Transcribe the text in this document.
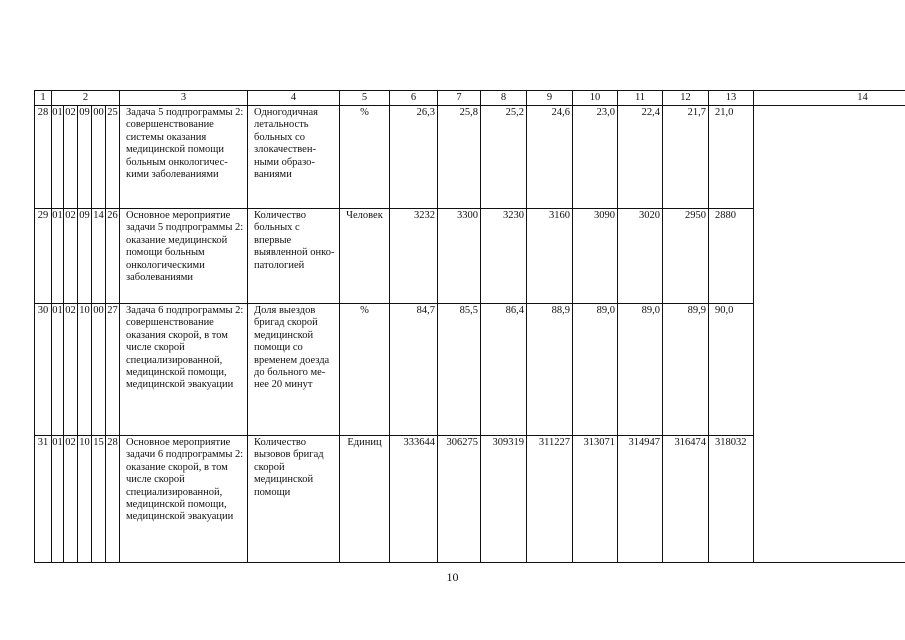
1	2					3	4	5	6	7	8	9	10	11	12	13	14
28	01	02	09	00	25	Задача 5 подпрограммы 2: совершенствование системы оказания медицинской помощи больным онкологичес-кими заболеваниями	Одногодичная летальность больных со злокачествен-ными образо-ваниями	%	26,3	25,8	25,2	24,6	23,0	22,4	21,7	21,0	
29	01	02	09	14	26	Основное мероприятие задачи 5 подпрограммы 2: оказание медицинской помощи больным онкологическими заболеваниями	Количество больных с впервые выявленной онко-патологией	Человек	3232	3300	3230	3160	3090	3020	2950	2880	
30	01	02	10	00	27	Задача 6 подпрограммы 2: совершенствование оказания скорой, в том числе скорой специализированной, медицинской помощи, медицинской эвакуации	Доля выездов бригад скорой медицинской помощи со временем доезда до больного ме-нее 20 минут	%	84,7	85,5	86,4	88,9	89,0	89,0	89,9	90,0	
31	01	02	10	15	28	Основное мероприятие задачи 6 подпрограммы 2: оказание скорой, в том числе скорой специализированной, медицинской помощи, медицинской эвакуации	Количество вызовов бригад скорой медицинской помощи	Единиц	333644	306275	309319	311227	313071	314947	316474	318032	
10
